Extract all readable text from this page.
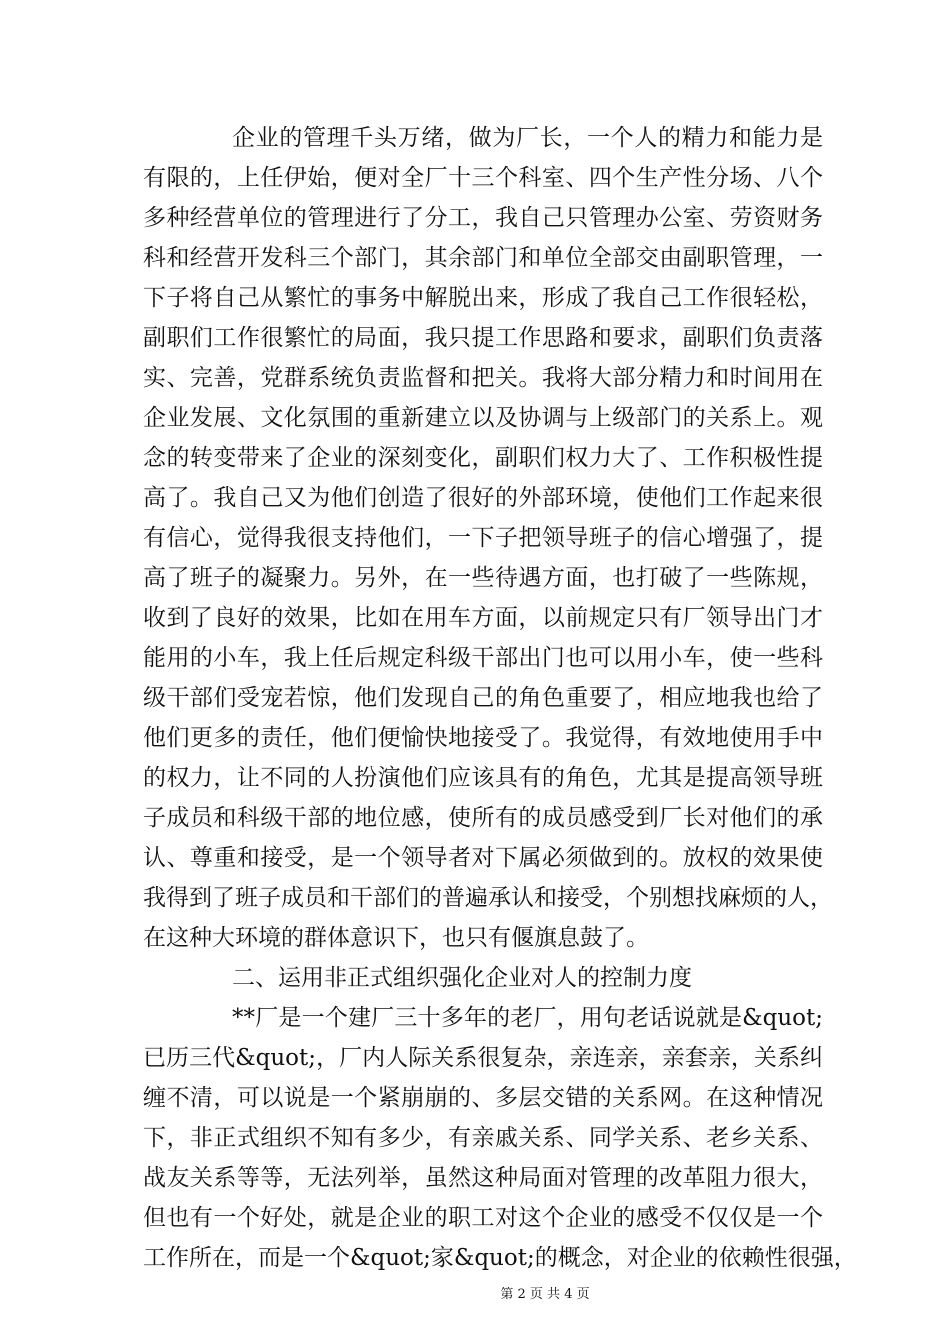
企业的管理千头万绪，做为厂长，一个人的精力和能力是
有限的，上任伊始，便对全厂十三个科室、四个生产性分场、八个
多种经营单位的管理进行了分工，我自己只管理办公室、劳资财务
科和经营开发科三个部门，其余部门和单位全部交由副职管理，一
下子将自己从繁忙的事务中解脱出来，形成了我自己工作很轻松，
副职们工作很繁忙的局面，我只提工作思路和要求，副职们负责落
实、完善，党群系统负责监督和把关。我将大部分精力和时间用在
企业发展、文化氛围的重新建立以及协调与上级部门的关系上。观
念的转变带来了企业的深刻变化，副职们权力大了、工作积极性提
高了。我自己又为他们创造了很好的外部环境，使他们工作起来很
有信心，觉得我很支持他们，一下子把领导班子的信心增强了，提
高了班子的凝聚力。另外，在一些待遇方面，也打破了一些陈规，
收到了良好的效果，比如在用车方面，以前规定只有厂领导出门才
能用的小车，我上任后规定科级干部出门也可以用小车，使一些科
级干部们受宠若惊，他们发现自己的角色重要了，相应地我也给了
他们更多的责任，他们便愉快地接受了。我觉得，有效地使用手中
的权力，让不同的人扮演他们应该具有的角色，尤其是提高领导班
子成员和科级干部的地位感，使所有的成员感受到厂长对他们的承
认、尊重和接受，是一个领导者对下属必须做到的。放权的效果使
我得到了班子成员和干部们的普遍承认和接受，个别想找麻烦的人，
在这种大环境的群体意识下，也只有偃旗息鼓了。
二、运用非正式组织强化企业对人的控制力度
**厂是一个建厂三十多年的老厂，用句老话说就是&quot;
已历三代&quot;，厂内人际关系很复杂，亲连亲，亲套亲，关系纠
缠不清，可以说是一个紧崩崩的、多层交错的关系网。在这种情况
下，非正式组织不知有多少，有亲戚关系、同学关系、老乡关系、
战友关系等等，无法列举，虽然这种局面对管理的改革阻力很大，
但也有一个好处，就是企业的职工对这个企业的感受不仅仅是一个
工作所在，而是一个&quot;家&quot;的概念，对企业的依赖性很强，
第 2 页 共 4 页
